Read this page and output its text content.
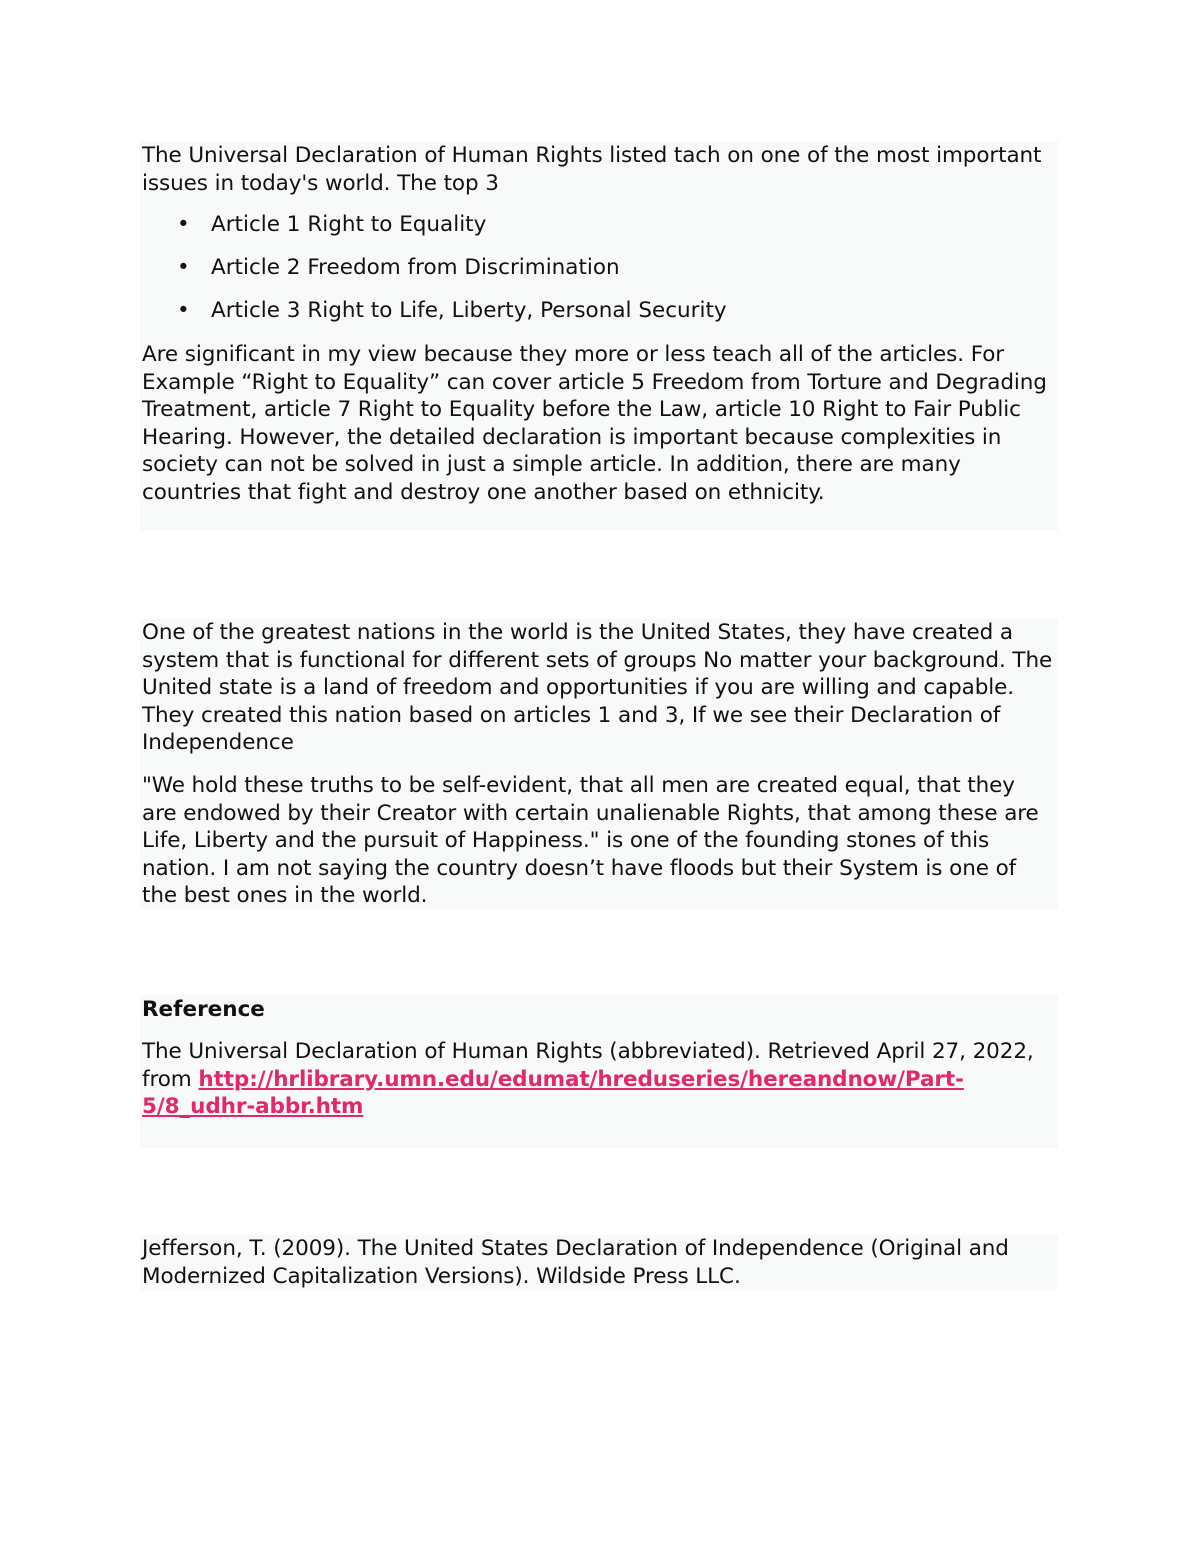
The Universal Declaration of Human Rights listed tach on one of the most important issues in today's world. The top 3

• Article 1 Right to Equality
• Article 2 Freedom from Discrimination
• Article 3 Right to Life, Liberty, Personal Security

Are significant in my view because they more or less teach all of the articles. For Example “Right to Equality” can cover article 5 Freedom from Torture and Degrading Treatment, article 7 Right to Equality before the Law, article 10 Right to Fair Public Hearing. However, the detailed declaration is important because complexities in society can not be solved in just a simple article. In addition, there are many countries that fight and destroy one another based on ethnicity.

One of the greatest nations in the world is the United States, they have created a system that is functional for different sets of groups No matter your background. The United state is a land of freedom and opportunities if you are willing and capable. They created this nation based on articles 1 and 3, If we see their Declaration of Independence

"We hold these truths to be self-evident, that all men are created equal, that they are endowed by their Creator with certain unalienable Rights, that among these are Life, Liberty and the pursuit of Happiness." is one of the founding stones of this nation. I am not saying the country doesn’t have floods but their System is one of the best ones in the world.

Reference

The Universal Declaration of Human Rights (abbreviated). Retrieved April 27, 2022,
from http://hrlibrary.umn.edu/edumat/hreduseries/hereandnow/Part-5/8_udhr-abbr.htm

Jefferson, T. (2009). The United States Declaration of Independence (Original and Modernized Capitalization Versions). Wildside Press LLC.
